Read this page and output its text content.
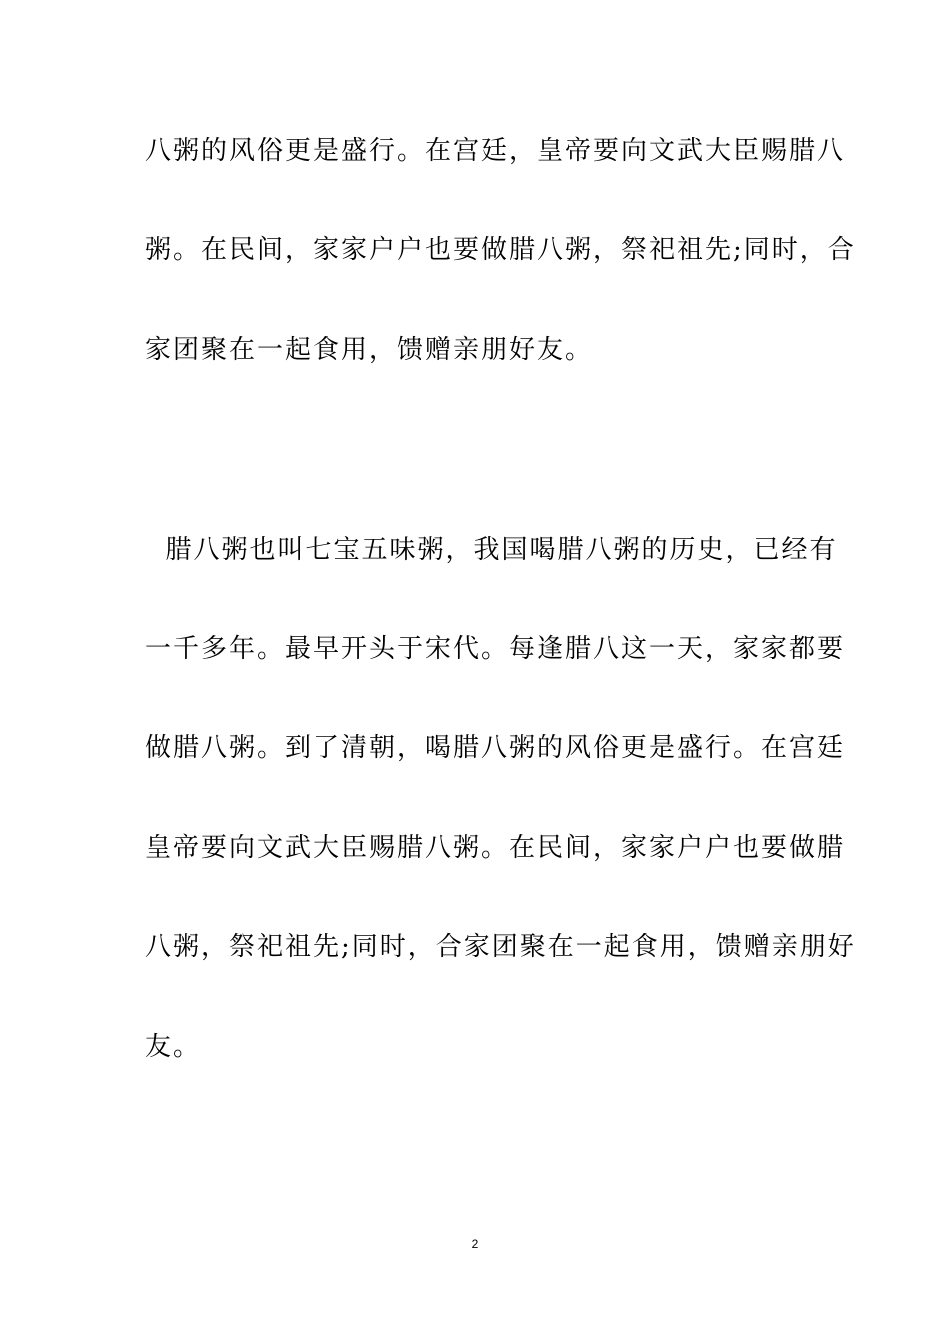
八粥的风俗更是盛行。在宫廷，皇帝要向文武大臣赐腊八
粥。在民间，家家户户也要做腊八粥，祭祀祖先;同时，合
家团聚在一起食用，馈赠亲朋好友。
腊八粥也叫七宝五味粥，我国喝腊八粥的历史，已经有
一千多年。最早开头于宋代。每逢腊八这一天，家家都要
做腊八粥。到了清朝，喝腊八粥的风俗更是盛行。在宫廷
皇帝要向文武大臣赐腊八粥。在民间，家家户户也要做腊
八粥，祭祀祖先;同时，合家团聚在一起食用，馈赠亲朋好
友。
2
